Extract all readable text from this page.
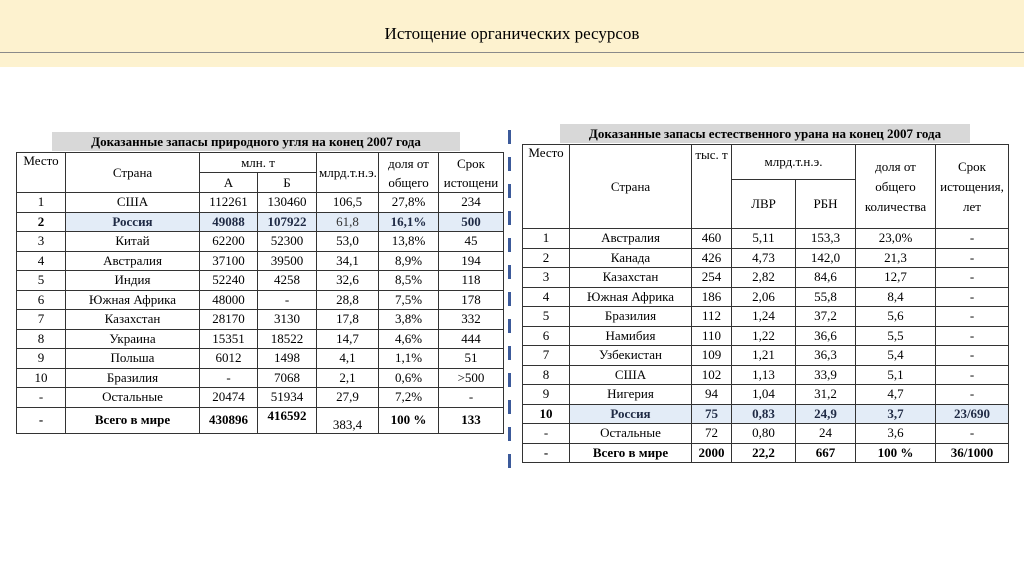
Истощение органических ресурсов
Доказанные запасы природного угля на конец 2007 года
Место	Страна	млн. т		млрд.т.н.э.	доля от общего	Срок истощени
		А	Б			
1	США	112261	130460	106,5	27,8%	234
2	Россия	49088	107922	61,8	16,1%	500
3	Китай	62200	52300	53,0	13,8%	45
4	Австралия	37100	39500	34,1	8,9%	194
5	Индия	52240	4258	32,6	8,5%	118
6	Южная Африка	48000	-	28,8	7,5%	178
7	Казахстан	28170	3130	17,8	3,8%	332
8	Украина	15351	18522	14,7	4,6%	444
9	Польша	6012	1498	4,1	1,1%	51
10	Бразилия	-	7068	2,1	0,6%	>500
-	Остальные	20474	51934	27,9	7,2%	-
-	Всего в мире	430896	416592	383,4	100 %	133
Доказанные запасы естественного урана на конец 2007 года
Место	Страна	тыс. т	млрд.т.н.э.		доля от общего количества	Срок истощения, лет
			ЛВР	РБН		
1	Австралия	460	5,11	153,3	23,0%	-
2	Канада	426	4,73	142,0	21,3	-
3	Казахстан	254	2,82	84,6	12,7	-
4	Южная Африка	186	2,06	55,8	8,4	-
5	Бразилия	112	1,24	37,2	5,6	-
6	Намибия	110	1,22	36,6	5,5	-
7	Узбекистан	109	1,21	36,3	5,4	-
8	США	102	1,13	33,9	5,1	-
9	Нигерия	94	1,04	31,2	4,7	-
10	Россия	75	0,83	24,9	3,7	23/690
-	Остальные	72	0,80	24	3,6	-
-	Всего в мире	2000	22,2	667	100 %	36/1000
